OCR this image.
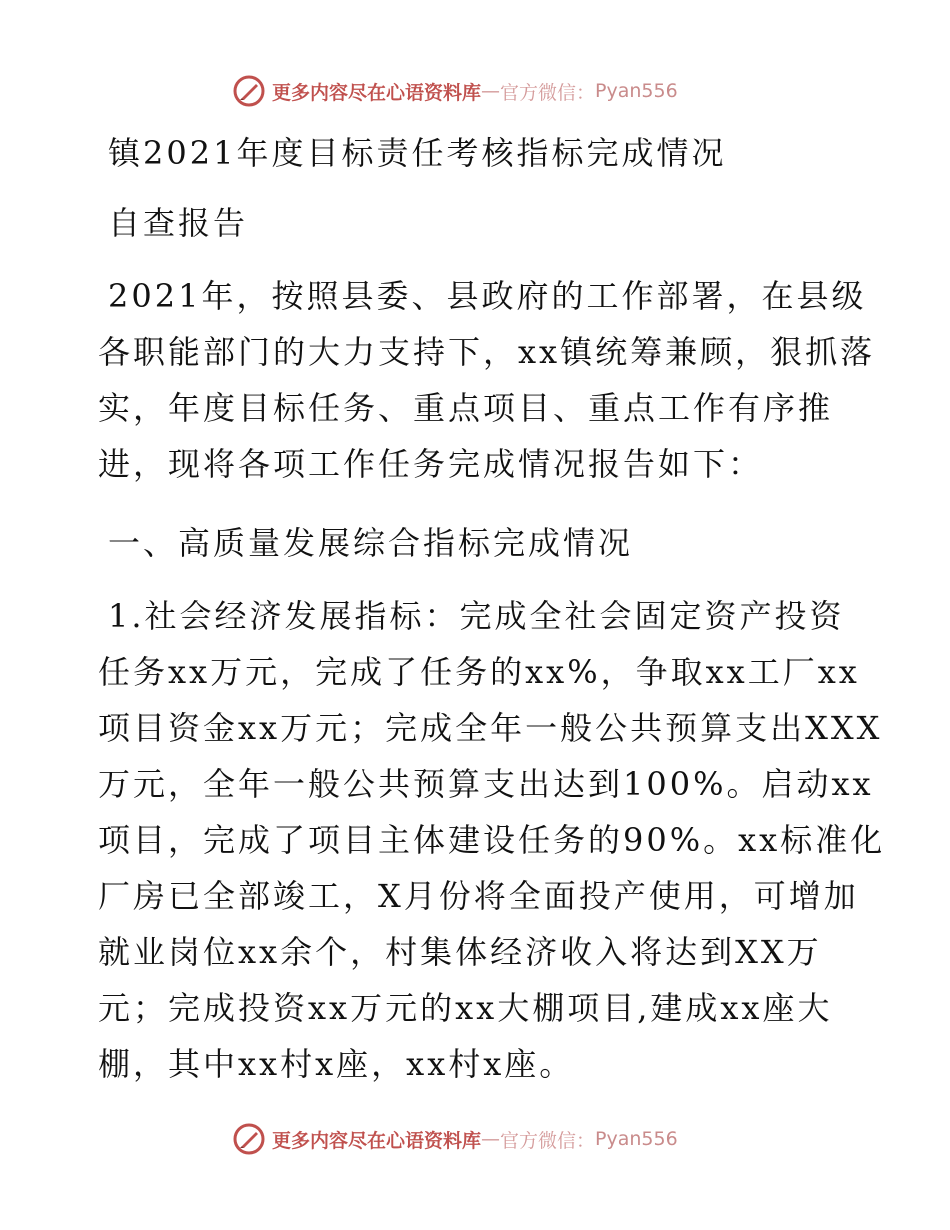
更多内容尽在心语资料库 — 官方微信： Pyan556
镇2021年度目标责任考核指标完成情况
自查报告
2021年，按照县委、县政府的工作部署，在县级
各职能部门的大力支持下，xx镇统筹兼顾，狠抓落
实，年度目标任务、重点项目、重点工作有序推
进，现将各项工作任务完成情况报告如下：
一、高质量发展综合指标完成情况
1.社会经济发展指标：完成全社会固定资产投资
任务xx万元，完成了任务的xx%，争取xx工厂xx
项目资金xx万元；完成全年一般公共预算支出XXX
万元，全年一般公共预算支出达到100%。启动xx
项目，完成了项目主体建设任务的90%。xx标准化
厂房已全部竣工，X月份将全面投产使用，可增加
就业岗位xx余个，村集体经济收入将达到XX万
元；完成投资xx万元的xx大棚项目,建成xx座大
棚，其中xx村x座，xx村x座。
更多内容尽在心语资料库 — 官方微信： Pyan556
